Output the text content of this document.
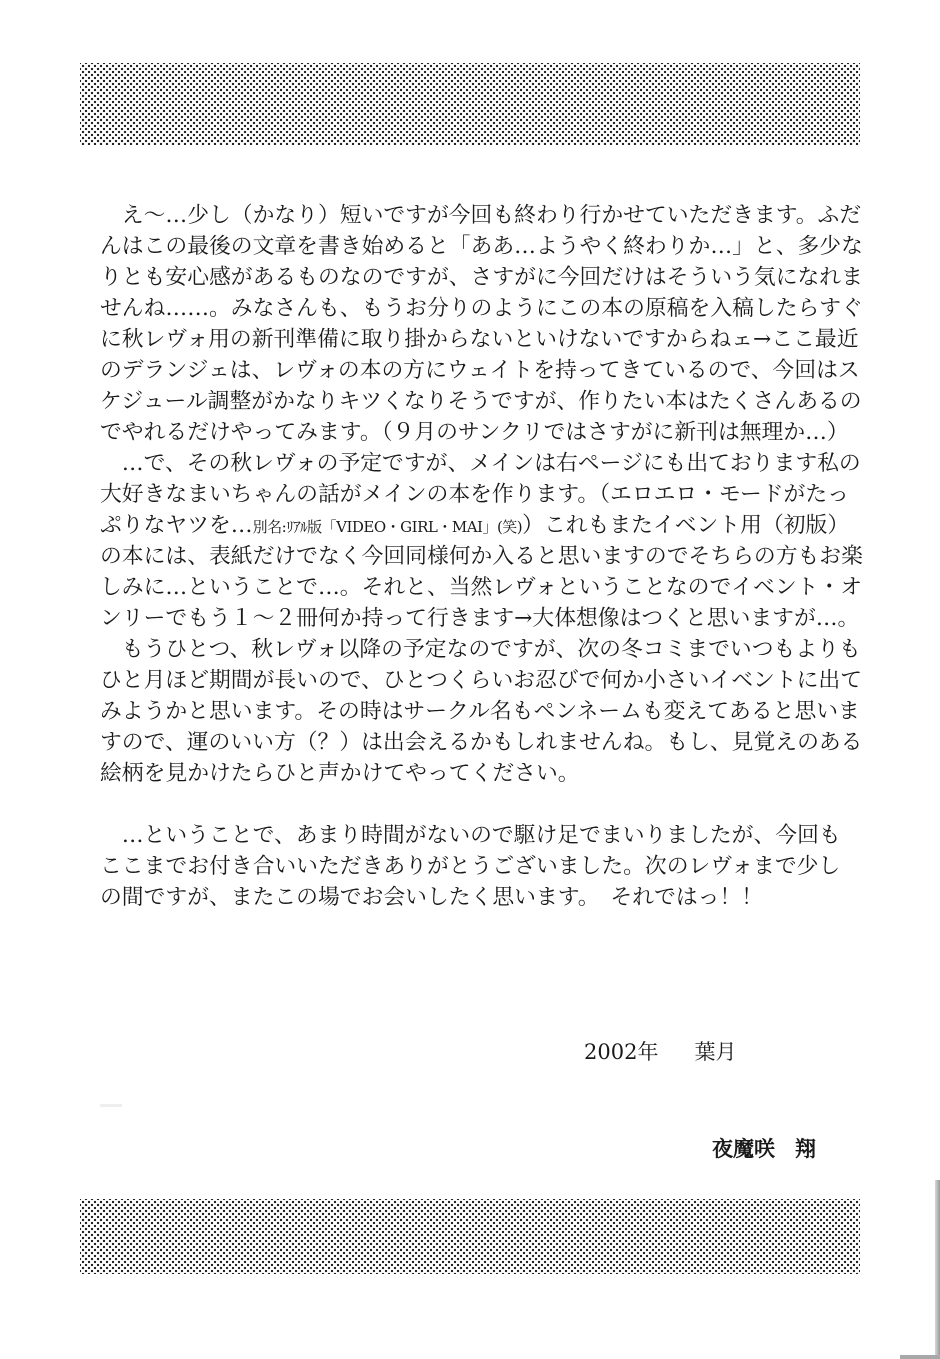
　え～…少し（かなり）短いですが今回も終わり行かせていただきます。ふだ
んはこの最後の文章を書き始めると「ああ…ようやく終わりか…」と、多少な
りとも安心感があるものなのですが、さすがに今回だけはそういう気になれま
せんね……。みなさんも、もうお分りのようにこの本の原稿を入稿したらすぐ
に秋レヴォ用の新刊準備に取り掛からないといけないですからねェ→ここ最近
のデランジェは、レヴォの本の方にウェイトを持ってきているので、今回はス
ケジュール調整がかなりキツくなりそうですが、作りたい本はたくさんあるの
でやれるだけやってみます。（９月のサンクリではさすがに新刊は無理か…）
　…で、その秋レヴォの予定ですが、メインは右ページにも出ております私の
大好きなまいちゃんの話がメインの本を作ります。（エロエロ・モードがたっ
ぷりなヤツを…別名:ﾘｱﾙ版「VIDEO・GIRL・MAI」(笑)）これもまたイベント用（初版）
の本には、表紙だけでなく今回同様何か入ると思いますのでそちらの方もお楽
しみに…ということで…。それと、当然レヴォということなのでイベント・オ
ンリーでもう１～２冊何か持って行きます→大体想像はつくと思いますが…。
　もうひとつ、秋レヴォ以降の予定なのですが、次の冬コミまでいつもよりも
ひと月ほど期間が長いので、ひとつくらいお忍びで何か小さいイベントに出て
みようかと思います。その時はサークル名もペンネームも変えてあると思いま
すので、運のいい方（？）は出会えるかもしれませんね。もし、見覚えのある
絵柄を見かけたらひと声かけてやってください。
　…ということで、あまり時間がないので駆け足でまいりましたが、今回も
ここまでお付き合いいただきありがとうございました。次のレヴォまで少し
の間ですが、またこの場でお会いしたく思います。　それではっ！！
2002年 葉月
夜魔咲 翔
